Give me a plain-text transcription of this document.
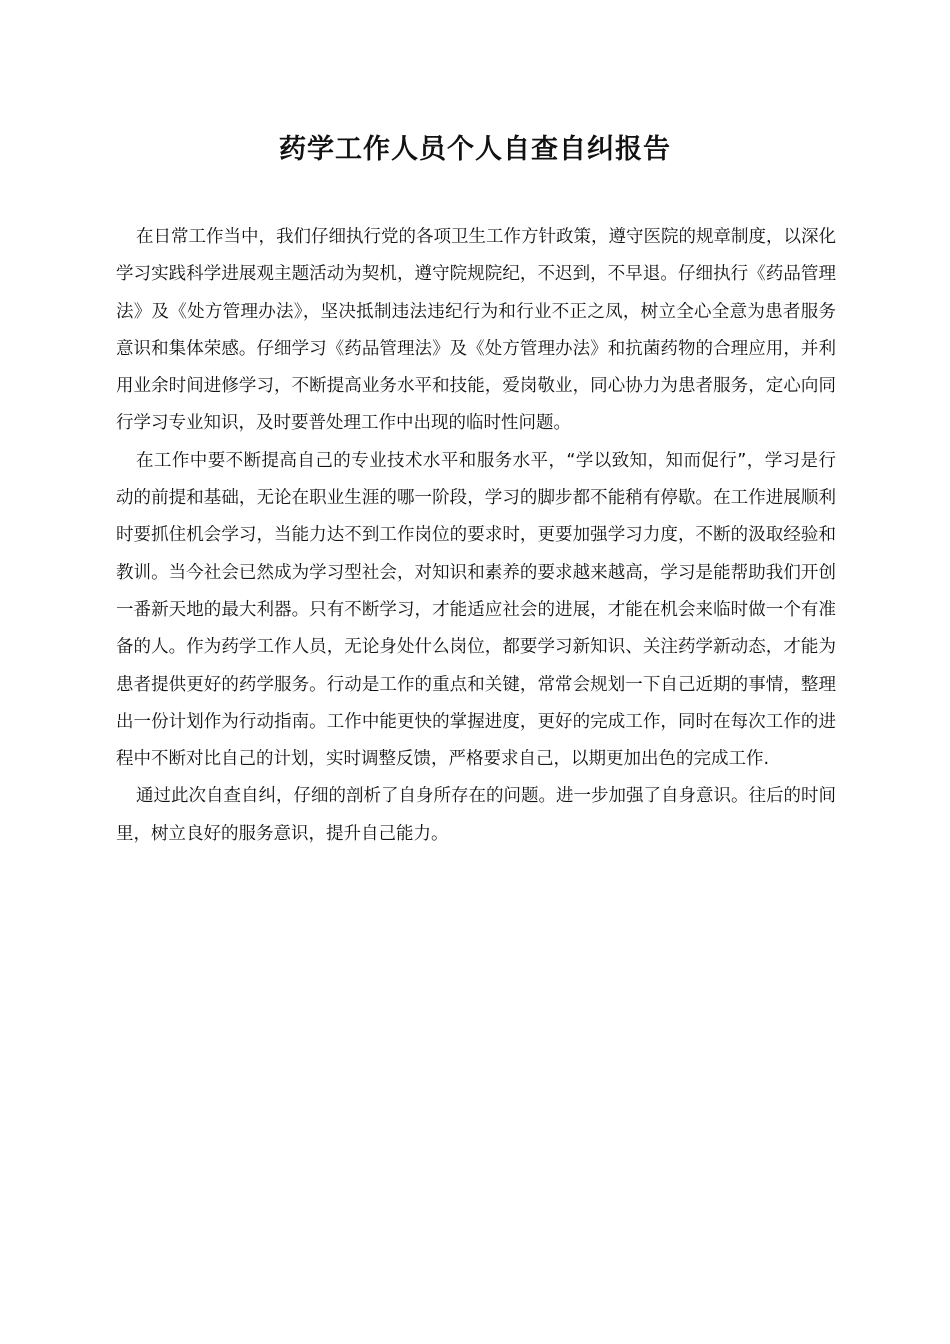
药学工作人员个人自查自纠报告

在日常工作当中，我们仔细执行党的各项卫生工作方针政策，遵守医院的规章制度，以深化学习实践科学进展观主题活动为契机，遵守院规院纪，不迟到，不早退。仔细执行《药品管理法》及《处方管理办法》，坚决抵制违法违纪行为和行业不正之凤，树立全心全意为患者服务意识和集体荣感。仔细学习《药品管理法》及《处方管理办法》和抗菌药物的合理应用，并利用业余时间进修学习，不断提高业务水平和技能，爱岗敬业，同心协力为患者服务，定心向同行学习专业知识，及时要普处理工作中出现的临时性问题。

在工作中要不断提高自己的专业技术水平和服务水平，“学以致知，知而促行”，学习是行动的前提和基础，无论在职业生涯的哪一阶段，学习的脚步都不能稍有停歇。在工作进展顺利时要抓住机会学习，当能力达不到工作岗位的要求时，更要加强学习力度，不断的汲取经验和教训。当今社会已然成为学习型社会，对知识和素养的要求越来越高，学习是能帮助我们开创一番新天地的最大利器。只有不断学习，才能适应社会的进展，才能在机会来临时做一个有准备的人。作为药学工作人员，无论身处什么岗位，都要学习新知识、关注药学新动态，才能为患者提供更好的药学服务。行动是工作的重点和关键，常常会规划一下自己近期的事情，整理出一份计划作为行动指南。工作中能更快的掌握进度，更好的完成工作，同时在每次工作的进程中不断对比自己的计划，实时调整反馈，严格要求自己，以期更加出色的完成工作.

通过此次自查自纠，仔细的剖析了自身所存在的问题。进一步加强了自身意识。往后的时间里，树立良好的服务意识，提升自己能力。
